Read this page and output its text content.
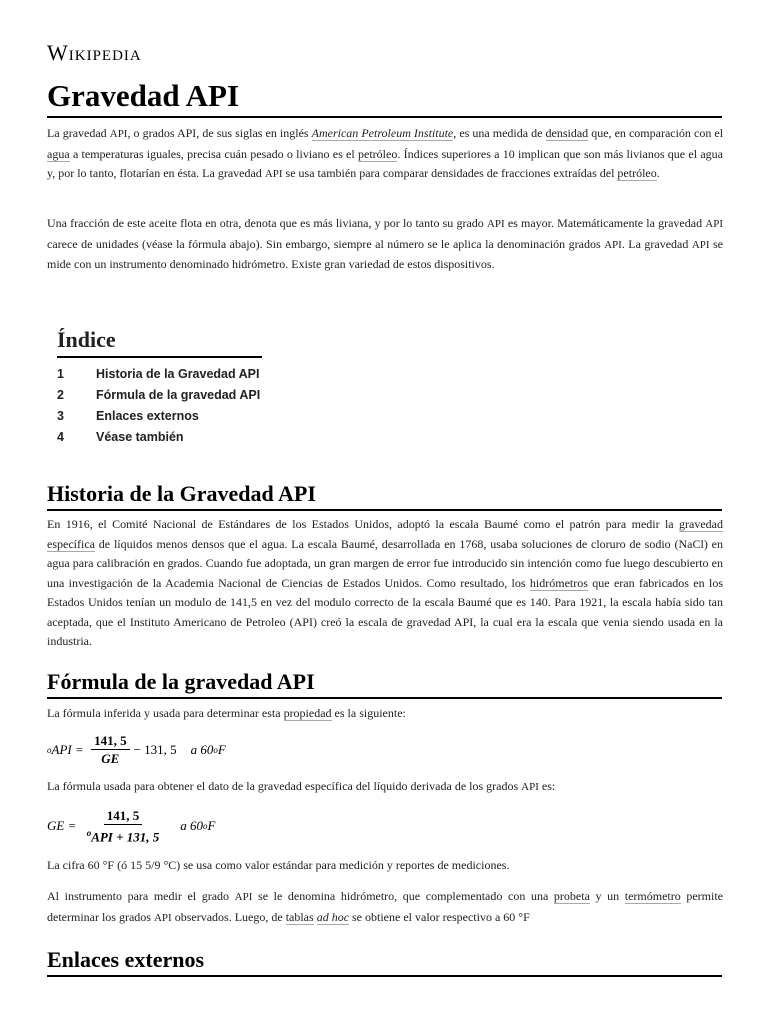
Wikipedia
Gravedad API

La gravedad API, o grados API, de sus siglas en inglés American Petroleum Institute, es una medida de densidad que, en comparación con el agua a temperaturas iguales, precisa cuán pesado o liviano es el petróleo. Índices superiores a 10 implican que son más livianos que el agua y, por lo tanto, flotarían en ésta. La gravedad API se usa también para comparar densidades de fracciones extraídas del petróleo.

Una fracción de este aceite flota en otra, denota que es más liviana, y por lo tanto su grado API es mayor. Matemáticamente la gravedad API carece de unidades (véase la fórmula abajo). Sin embargo, siempre al número se le aplica la denominación grados API. La gravedad API se mide con un instrumento denominado hidrómetro. Existe gran variedad de estos dispositivos.

Índice
1	Historia de la Gravedad API
2	Fórmula de la gravedad API
3	Enlaces externos
4	Véase también
Historia de la Gravedad API

En 1916, el Comité Nacional de Estándares de los Estados Unidos, adoptó la escala Baumé como el patrón para medir la gravedad específica de líquidos menos densos que el agua. La escala Baumé, desarrollada en 1768, usaba soluciones de cloruro de sodio (NaCl) en agua para calibración en grados. Cuando fue adoptada, un gran margen de error fue introducido sin intención como fue luego descubierto en una investigación de la Academia Nacional de Ciencias de Estados Unidos. Como resultado, los hidrómetros que eran fabricados en los Estados Unidos tenían un modulo de 141,5 en vez del modulo correcto de la escala Baumé que es 140. Para 1921, la escala había sido tan aceptada, que el Instituto Americano de Petroleo (API) creó la escala de gravedad API, la cual era la escala que venia siendo usada en la industria.

Fórmula de la gravedad API

La fórmula inferida y usada para determinar esta propiedad es la siguiente:

o API = $\frac{141, 5}{GE} - 131$, 5 a 60 o F

La fórmula usada para obtener el dato de la gravedad específica del líquido derivada de los grados API es:

GE = $\frac{141, 5}{^oAPI + 131, 5}$ a 60 o F

La cifra 60 °F (ó 15 5/9 °C) se usa como valor estándar para medición y reportes de mediciones.

Al instrumento para medir el grado API se le denomina hidrómetro, que complementado con una probeta y un termómetro permite determinar los grados API observados. Luego, de tablas ad hoc se obtiene el valor respectivo a 60 °F

Enlaces externos
